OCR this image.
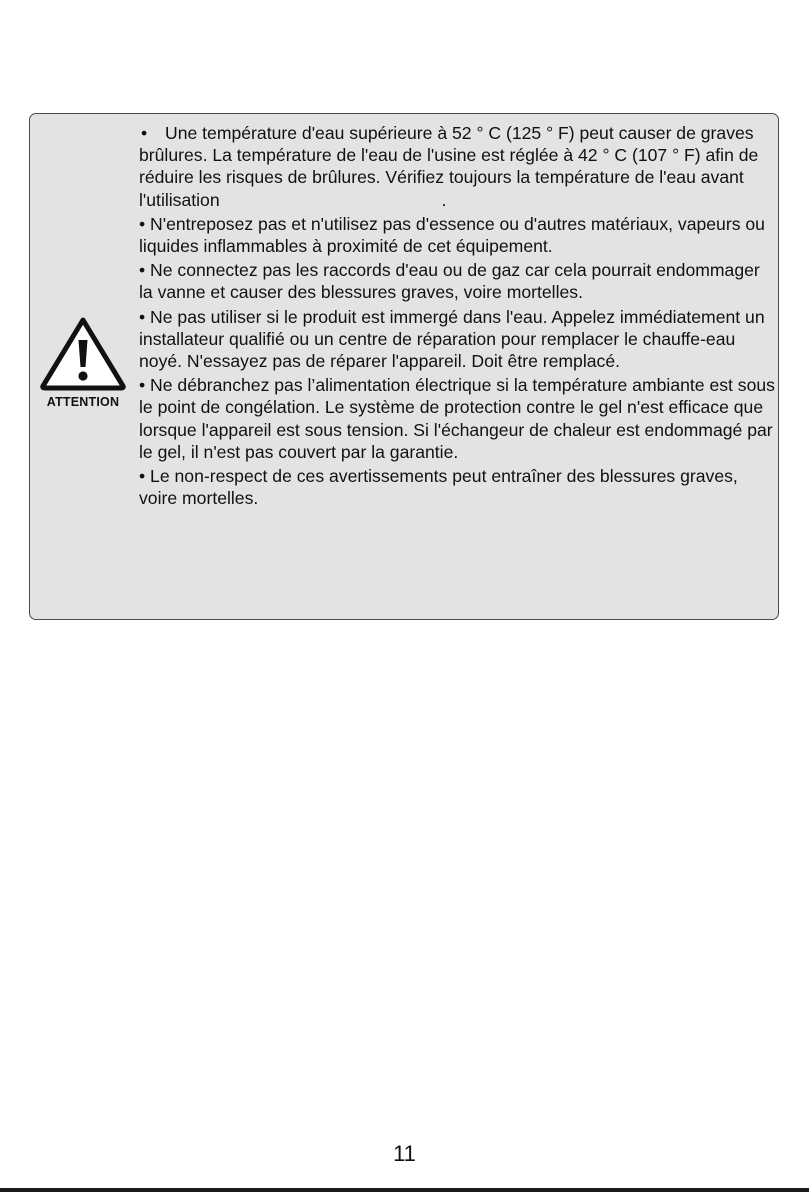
ATTENTION

• Une température d'eau supérieure à 52 ° C (125 ° F) peut causer de graves brûlures. La température de l'eau de l'usine est réglée à 42 ° C (107 ° F) afin de réduire les risques de brûlures. Vérifiez toujours la température de l'eau avant l'utilisation	.

• N'entreposez pas et n'utilisez pas d'essence ou d'autres matériaux, vapeurs ou liquides inflammables à proximité de cet équipement.

• Ne connectez pas les raccords d'eau ou de gaz car cela pourrait endommager la vanne et causer des blessures graves, voire mortelles.

• Ne pas utiliser si le produit est immergé dans l'eau. Appelez immédiatement un installateur qualifié ou un centre de réparation pour remplacer le chauffe-eau noyé. N'essayez pas de réparer l'appareil. Doit être remplacé.

• Ne débranchez pas l’alimentation électrique si la température ambiante est sous le point de congélation. Le système de protection contre le gel n'est efficace que lorsque l'appareil est sous tension. Si l'échangeur de chaleur est endommagé par le gel, il n'est pas couvert par la garantie.

• Le non-respect de ces avertissements peut entraîner des blessures graves, voire mortelles.

11
